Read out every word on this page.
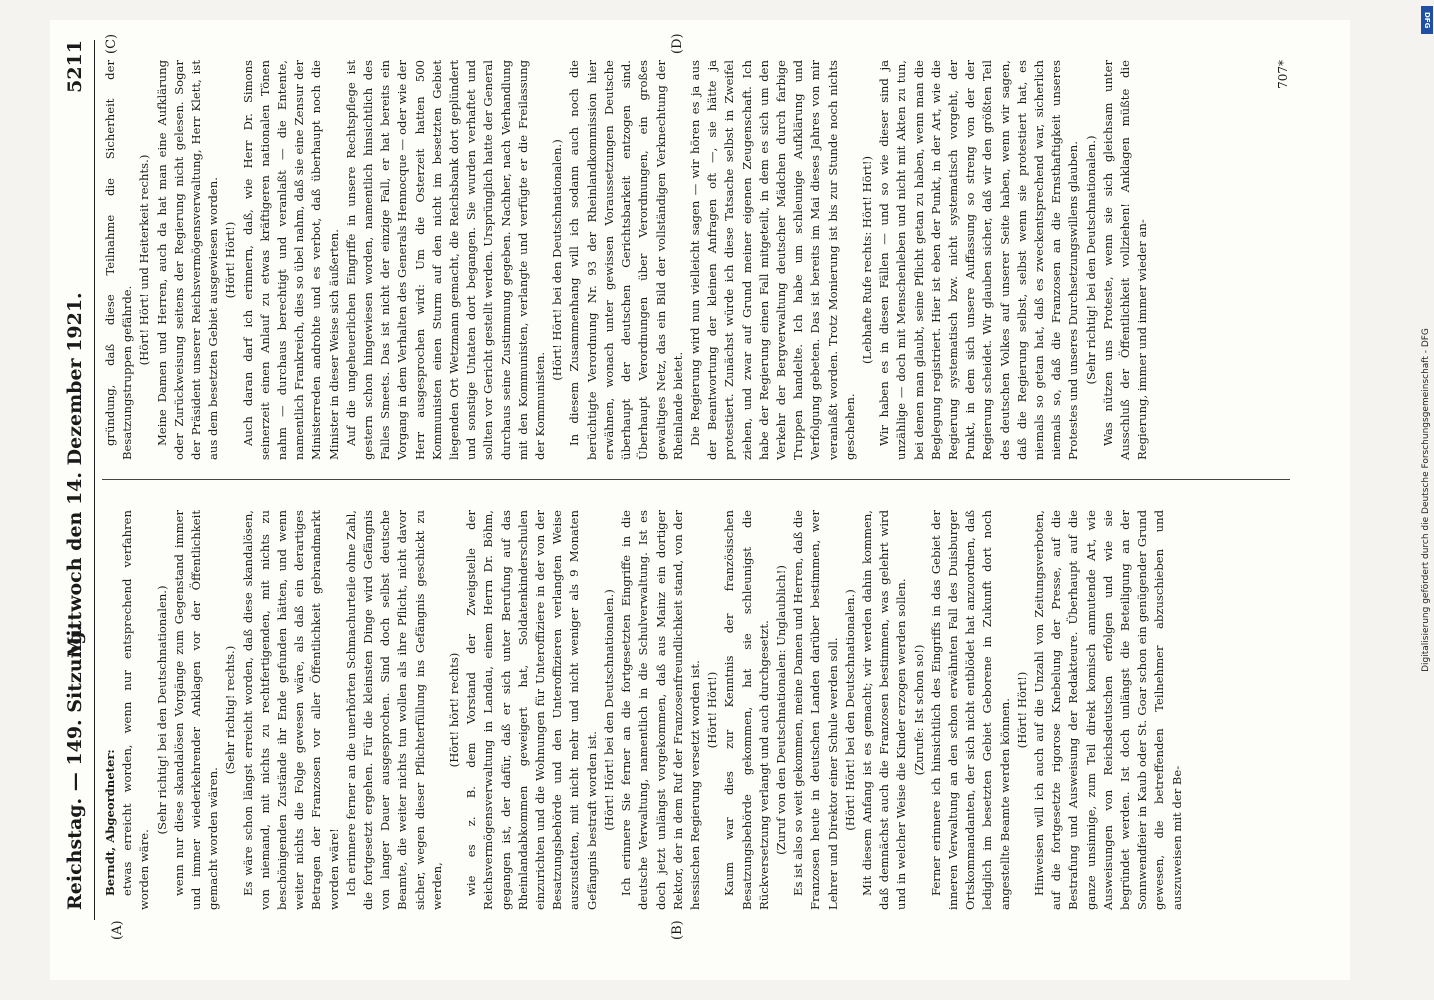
Reichstag. — 149. Sitzung.
Mittwoch den 14. Dezember 1921.
5211
(A)	(B)
(C)	(D)

Berndt, Abgeordneter: etwas erreicht worden, wenn nur entsprechend verfahren worden wäre.

(Sehr richtig! bei den Deutschnationalen.) wenn nur diese skandalösen Vorgänge zum Gegenstand immer und immer wiederkehrender Anklagen vor der Öffentlichkeit gemacht worden wären.

(Sehr richtig! rechts.) Es wäre schon längst erreicht worden, daß diese skandalösen, von niemand, mit nichts zu rechtfertigenden, mit nichts zu beschönigenden Zustände ihr Ende gefunden hätten, und wenn weiter nichts die Folge gewesen wäre, als daß ein derartiges Betragen der Franzosen vor aller Öffentlichkeit gebrandmarkt worden wäre! Ich erinnere ferner an die unerhörten Schmachurteile ohne Zahl, die fortgesetzt ergehen. Für die kleinsten Dinge wird Gefängnis von langer Dauer ausgesprochen. Sind doch selbst deutsche Beamte, die weiter nichts tun wollen als ihre Pflicht, nicht davor sicher, wegen dieser Pflichterfüllung ins Gefängnis geschickt zu werden,

(Hört! hört! rechts) wie es z. B. dem Vorstand der Zweigstelle der Reichsvermögensverwaltung in Landau, einem Herrn Dr. Böhm, gegangen ist, der dafür, daß er sich unter Berufung auf das Rheinlandabkommen geweigert hat, Soldatenkinderschulen einzurichten und die Wohnungen für Unteroffiziere in der von der Besatzungsbehörde und den Unteroffizieren verlangten Weise auszustatten, mit nicht mehr und nicht weniger als 9 Monaten Gefängnis bestraft worden ist. (Hört! Hört! bei den Deutschnationalen.) Ich erinnere Sie ferner an die fortgesetzten Eingriffe in die deutsche Verwaltung, namentlich in die Schulverwaltung. Ist es doch jetzt unlängst vorgekommen, daß aus Mainz ein dortiger Rektor, der in dem Ruf der Franzosenfreundlichkeit stand, von der hessischen Regierung versetzt worden ist. (Hört! Hört!) Kaum war dies zur Kenntnis der französischen Besatzungsbehörde gekommen, hat sie schleunigst die Rückversetzung verlangt und auch durchgesetzt. (Zuruf von den Deutschnationalen: Unglaublich!) Es ist also so weit gekommen, meine Damen und Herren, daß die Franzosen heute in deutschen Landen darüber bestimmen, wer Lehrer und Direktor einer Schule werden soll. (Hört! Hört! bei den Deutschnationalen.) Mit diesem Anfang ist es gemacht; wir werden dahin kommen, daß demnächst auch die Franzosen bestimmen, was gelehrt wird und in welcher Weise die Kinder erzogen werden sollen. (Zurufe: Ist schon so!) Ferner erinnere ich hinsichtlich des Eingriffs in das Gebiet der inneren Verwaltung an den schon erwähnten Fall des Duisburger Ortskommandanten, der sich nicht entblödet hat anzuordnen, daß lediglich im besetzten Gebiet Geborene in Zukunft dort noch angestellte Beamte werden können. (Hört! Hört!) Hinweisen will ich auch auf die Unzahl von Zeitungsverboten, auf die fortgesetzte rigorose Knebelung der Presse, auf die Bestrafung und Ausweisung der Redakteure. Überhaupt auf die ganze unsinnige, zum Teil direkt komisch anmutende Art, wie Ausweisungen von Reichsdeutschen erfolgen und wie sie begründet werden. Ist doch unlängst die Beteiligung an der Sonnwendfeier in Kaub oder St. Goar schon ein genügender Grund gewesen, die betreffenden Teilnehmer abzuschieben und auszuweisen mit der Be-

gründung, daß diese Teilnahme die Sicherheit der Besatzungstruppen gefährde.

(Hört! Hört! und Heiterkeit rechts.) Meine Damen und Herren, auch da hat man eine Aufklärung oder Zurückweisung seitens der Regierung nicht gelesen. Sogar der Präsident unserer Reichsvermögensverwaltung, Herr Klett, ist aus dem besetzten Gebiet ausgewiesen worden. (Hört! Hört!) Auch daran darf ich erinnern, daß, wie Herr Dr. Simons seinerzeit einen Anlauf zu etwas kräftigeren nationalen Tönen nahm — durchaus berechtigt und veranlaßt — die Entente, namentlich Frankreich, dies so übel nahm, daß sie eine Zensur der Ministerreden androhte und es verbot, daß überhaupt noch die Minister in dieser Weise sich äußerten. Auf die ungeheuerlichen Eingriffe in unsere Rechtspflege ist gestern schon hingewiesen worden, namentlich hinsichtlich des Falles Smeets. Das ist nicht der einzige Fall, er hat bereits ein Vorgang in dem Verhalten des Generals Hennocque — oder wie der Herr ausgesprochen wird: Um die Osterzeit hatten 500 Kommunisten einen Sturm auf den nicht im besetzten Gebiet liegenden Ort Wetzmann gemacht, die Reichsbank dort geplündert und sonstige Untaten dort begangen. Sie wurden verhaftet und sollten vor Gericht gestellt werden. Ursprünglich hatte der General durchaus seine Zustimmung gegeben. Nachher, nach Verhandlung mit den Kommunisten, verlangte und verfügte er die Freilassung der Kommunisten.

(Hört! Hört! bei den Deutschnationalen.) In diesem Zusammenhang will ich sodann auch noch die berüchtigte Verordnung Nr. 93 der Rheinlandkommission hier erwähnen, wonach unter gewissen Voraussetzungen Deutsche überhaupt der deutschen Gerichtsbarkeit entzogen sind. Überhaupt Verordnungen über Verordnungen, ein großes gewaltiges Netz, das ein Bild der vollständigen Verknechtung der Rheinlande bietet. Die Regierung wird nun vielleicht sagen — wir hören es ja aus der Beantwortung der kleinen Anfragen oft —, sie hätte ja protestiert. Zunächst würde ich diese Tatsache selbst in Zweifel ziehen, und zwar auf Grund meiner eigenen Zeugenschaft. Ich habe der Regierung einen Fall mitgeteilt, in dem es sich um den Verkehr der Bergverwaltung deutscher Mädchen durch farbige Truppen handelte. Ich habe um schleunige Aufklärung und Verfolgung gebeten. Das ist bereits im Mai dieses Jahres von mir veranlaßt worden. Trotz Monierung ist bis zur Stunde noch nichts geschehen.

(Lebhafte Rufe rechts: Hört! Hört!) Wir haben es in diesen Fällen — und so wie dieser sind ja unzählige — doch mit Menschenleben und nicht mit Akten zu tun, bei denen man glaubt, seine Pflicht getan zu haben, wenn man die Beglegung registriert. Hier ist eben der Punkt, in der Art, wie die Regierung systematisch bzw. nicht systematisch vorgeht, der Punkt, in dem sich unsere Auffassung so streng von der der Regierung scheidet. Wir glauben sicher, daß wir den größten Teil des deutschen Volkes auf unserer Seite haben, wenn wir sagen, daß die Regierung selbst, selbst wenn sie protestiert hat, es niemals so getan hat, daß es zweckentsprechend war, sicherlich niemals so, daß die Franzosen an die Ernsthaftigkeit unseres Protestes und unseres Durchsetzungswillens glauben. (Sehr richtig! bei den Deutschnationalen.) Was nützen uns Proteste, wenn sie sich gleichsam unter Ausschluß der Öffentlichkeit vollziehen! Anklagen müßte die Regierung, immer und immer wieder an-

707*
DFG
Digitalisierung gefördert durch die Deutsche Forschungsgemeinschaft - DFG
